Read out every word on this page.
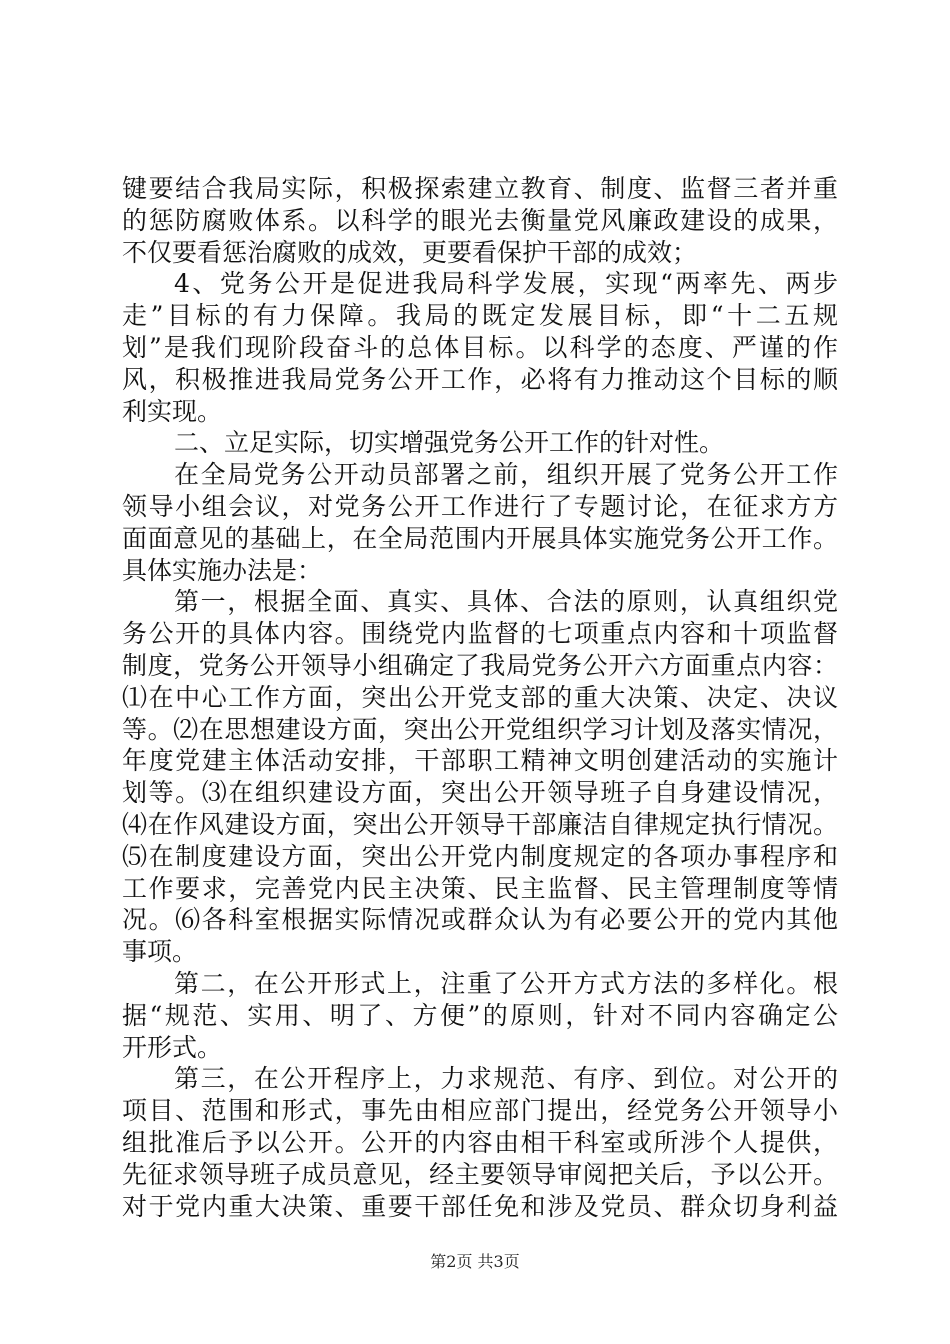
键要结合我局实际，积极探索建立教育、制度、监督三者并重
的惩防腐败体系。以科学的眼光去衡量党风廉政建设的成果，
不仅要看惩治腐败的成效，更要看保护干部的成效；
4、党务公开是促进我局科学发展，实现“两率先、两步
走”目标的有力保障。我局的既定发展目标，即“十二五规
划”是我们现阶段奋斗的总体目标。以科学的态度、严谨的作
风，积极推进我局党务公开工作，必将有力推动这个目标的顺
利实现。
二、立足实际，切实增强党务公开工作的针对性。
在全局党务公开动员部署之前，组织开展了党务公开工作
领导小组会议，对党务公开工作进行了专题讨论，在征求方方
面面意见的基础上，在全局范围内开展具体实施党务公开工作。
具体实施办法是：
第一，根据全面、真实、具体、合法的原则，认真组织党
务公开的具体内容。围绕党内监督的七项重点内容和十项监督
制度，党务公开领导小组确定了我局党务公开六方面重点内容：
⑴在中心工作方面，突出公开党支部的重大决策、决定、决议
等。⑵在思想建设方面，突出公开党组织学习计划及落实情况，
年度党建主体活动安排，干部职工精神文明创建活动的实施计
划等。⑶在组织建设方面，突出公开领导班子自身建设情况，
⑷在作风建设方面，突出公开领导干部廉洁自律规定执行情况。
⑸在制度建设方面，突出公开党内制度规定的各项办事程序和
工作要求，完善党内民主决策、民主监督、民主管理制度等情
况。⑹各科室根据实际情况或群众认为有必要公开的党内其他
事项。
第二，在公开形式上，注重了公开方式方法的多样化。根
据“规范、实用、明了、方便”的原则，针对不同内容确定公
开形式。
第三，在公开程序上，力求规范、有序、到位。对公开的
项目、范围和形式，事先由相应部门提出，经党务公开领导小
组批准后予以公开。公开的内容由相干科室或所涉个人提供，
先征求领导班子成员意见，经主要领导审阅把关后，予以公开。
对于党内重大决策、重要干部任免和涉及党员、群众切身利益
第2页 共3页
